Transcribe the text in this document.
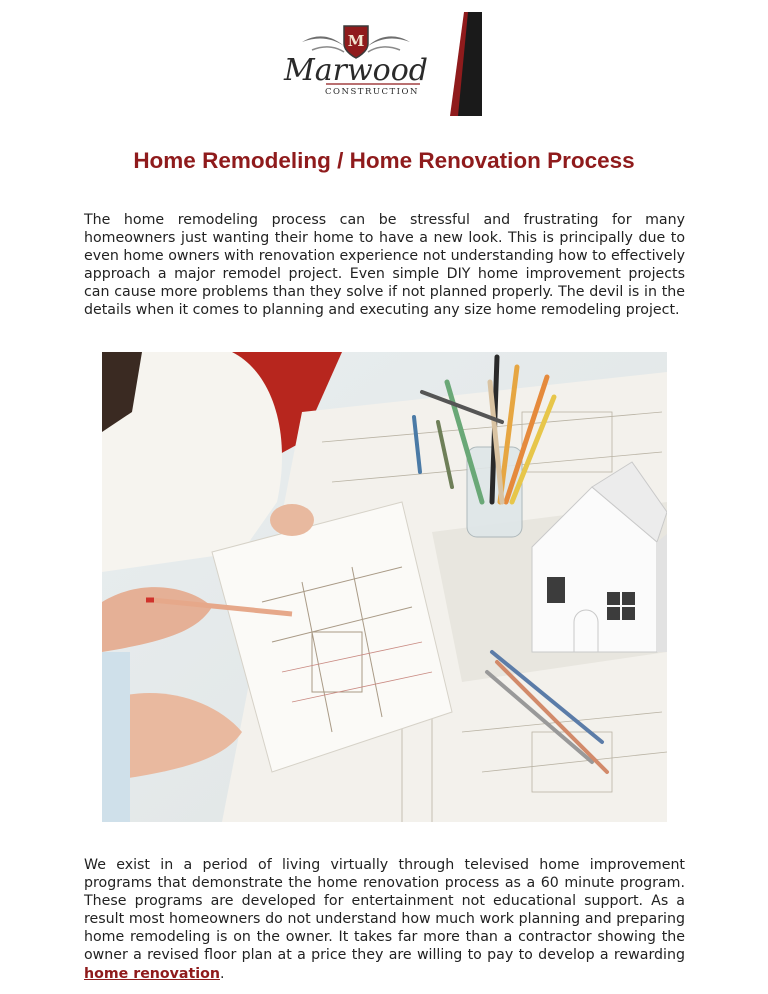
M
Marwood
CONSTRUCTION
Home Remodeling / Home Renovation Process

The home remodeling process can be stressful and frustrating for many homeowners just wanting their home to have a new look. This is principally due to even home owners with renovation experience not understanding how to effectively approach a major remodel project. Even simple DIY home improvement projects can cause more problems than they solve if not planned properly. The devil is in the details when it comes to planning and executing any size home remodeling project.

We exist in a period of living virtually through televised home improvement programs that demonstrate the home renovation process as a 60 minute program. These programs are developed for entertainment not educational support. As a result most homeowners do not understand how much work planning and preparing home remodeling is on the owner. It takes far more than a contractor showing the owner a revised floor plan at a price they are willing to pay to develop a rewarding home renovation.
